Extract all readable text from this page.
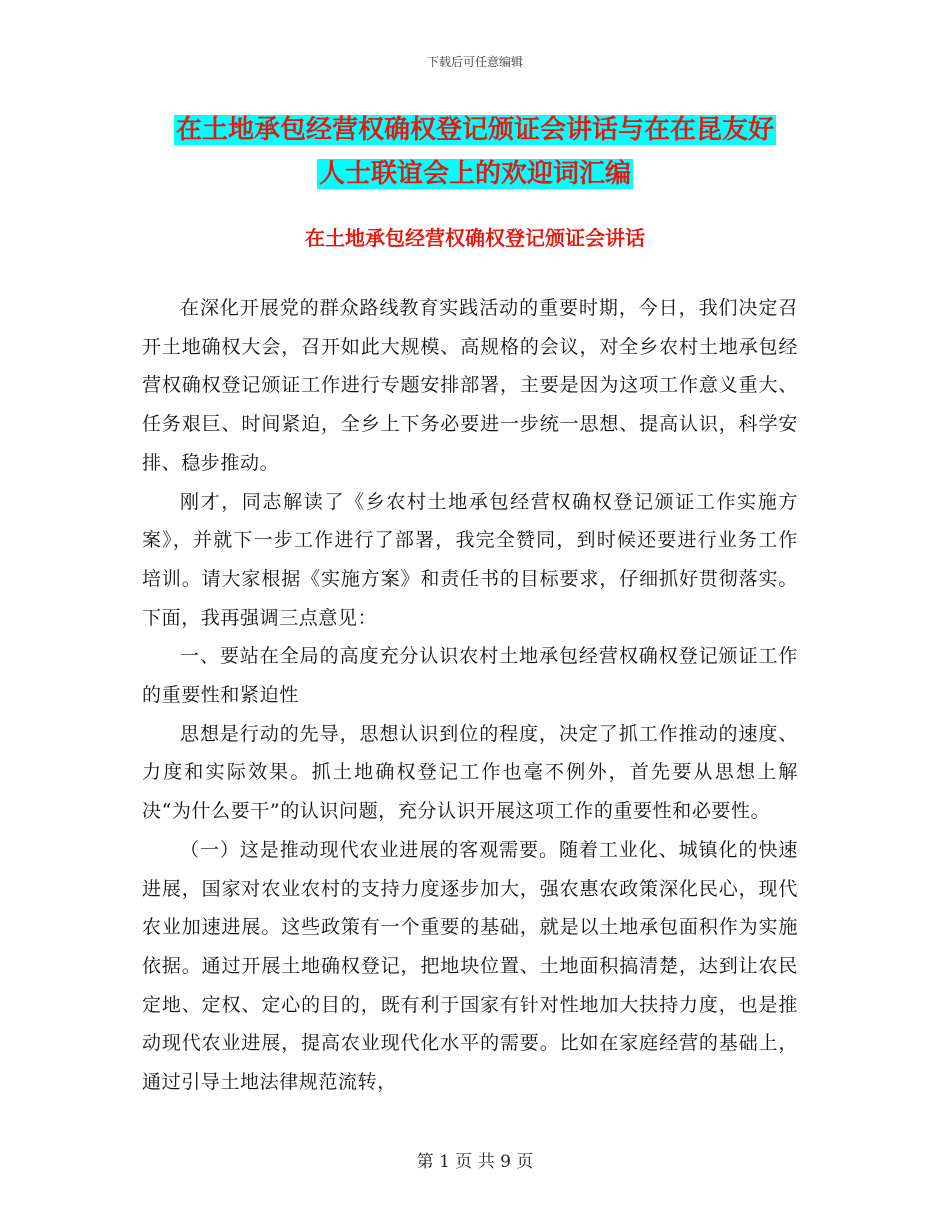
下载后可任意编辑
在土地承包经营权确权登记颁证会讲话与在在昆友好
人士联谊会上的欢迎词汇编
在土地承包经营权确权登记颁证会讲话

在深化开展党的群众路线教育实践活动的重要时期，今日，我们决定召开土地确权大会，召开如此大规模、高规格的会议，对全乡农村土地承包经营权确权登记颁证工作进行专题安排部署，主要是因为这项工作意义重大、任务艰巨、时间紧迫，全乡上下务必要进一步统一思想、提高认识，科学安排、稳步推动。

刚才，同志解读了《乡农村土地承包经营权确权登记颁证工作实施方案》，并就下一步工作进行了部署，我完全赞同，到时候还要进行业务工作培训。请大家根据《实施方案》和责任书的目标要求，仔细抓好贯彻落实。下面，我再强调三点意见：

一、要站在全局的高度充分认识农村土地承包经营权确权登记颁证工作的重要性和紧迫性

思想是行动的先导，思想认识到位的程度，决定了抓工作推动的速度、力度和实际效果。抓土地确权登记工作也毫不例外，首先要从思想上解决“为什么要干”的认识问题，充分认识开展这项工作的重要性和必要性。

（一）这是推动现代农业进展的客观需要。随着工业化、城镇化的快速进展，国家对农业农村的支持力度逐步加大，强农惠农政策深化民心，现代农业加速进展。这些政策有一个重要的基础，就是以土地承包面积作为实施依据。通过开展土地确权登记，把地块位置、土地面积搞清楚，达到让农民定地、定权、定心的目的，既有利于国家有针对性地加大扶持力度，也是推动现代农业进展，提高农业现代化水平的需要。比如在家庭经营的基础上，通过引导土地法律规范流转，

第 1 页 共 9 页
